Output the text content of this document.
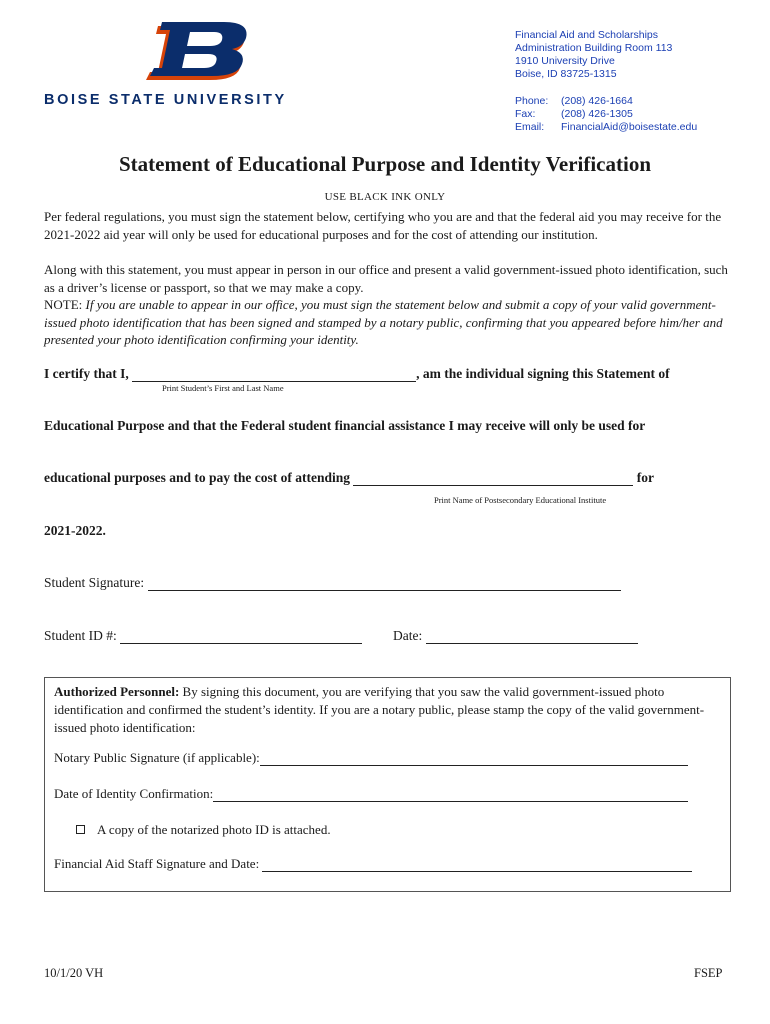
BOISE STATE UNIVERSITY
Financial Aid and Scholarships
Administration Building Room 113
1910 University Drive
Boise, ID 83725-1315
Phone:	(208) 426-1664
Fax:	(208) 426-1305
Email:	FinancialAid@boisestate.edu
Statement of Educational Purpose and Identity Verification
USE BLACK INK ONLY
Per federal regulations, you must sign the statement below, certifying who you are and that the federal aid you may receive for the 2021-2022 aid year will only be used for educational purposes and for the cost of attending our institution.
Along with this statement, you must appear in person in our office and present a valid government-issued photo identification, such as a driver’s license or passport, so that we may make a copy.
NOTE: If you are unable to appear in our office, you must sign the statement below and submit a copy of your valid government-issued photo identification that has been signed and stamped by a notary public, confirming that you appeared before him/her and presented your photo identification confirming your identity.
I certify that I,	, am the individual signing this Statement of
Print Student’s First and Last Name
Educational Purpose and that the Federal student financial assistance I may receive will only be used for
educational purposes and to pay the cost of attending	for
Print Name of Postsecondary Educational Institute
2021-2022.
Student Signature:
Student ID #:	Date:
Authorized Personnel: By signing this document, you are verifying that you saw the valid government-issued photo identification and confirmed the student’s identity. If you are a notary public, please stamp the copy of the valid government-issued photo identification:
Notary Public Signature (if applicable):
Date of Identity Confirmation:
A copy of the notarized photo ID is attached.
Financial Aid Staff Signature and Date:
10/1/20 VH	FSEP
